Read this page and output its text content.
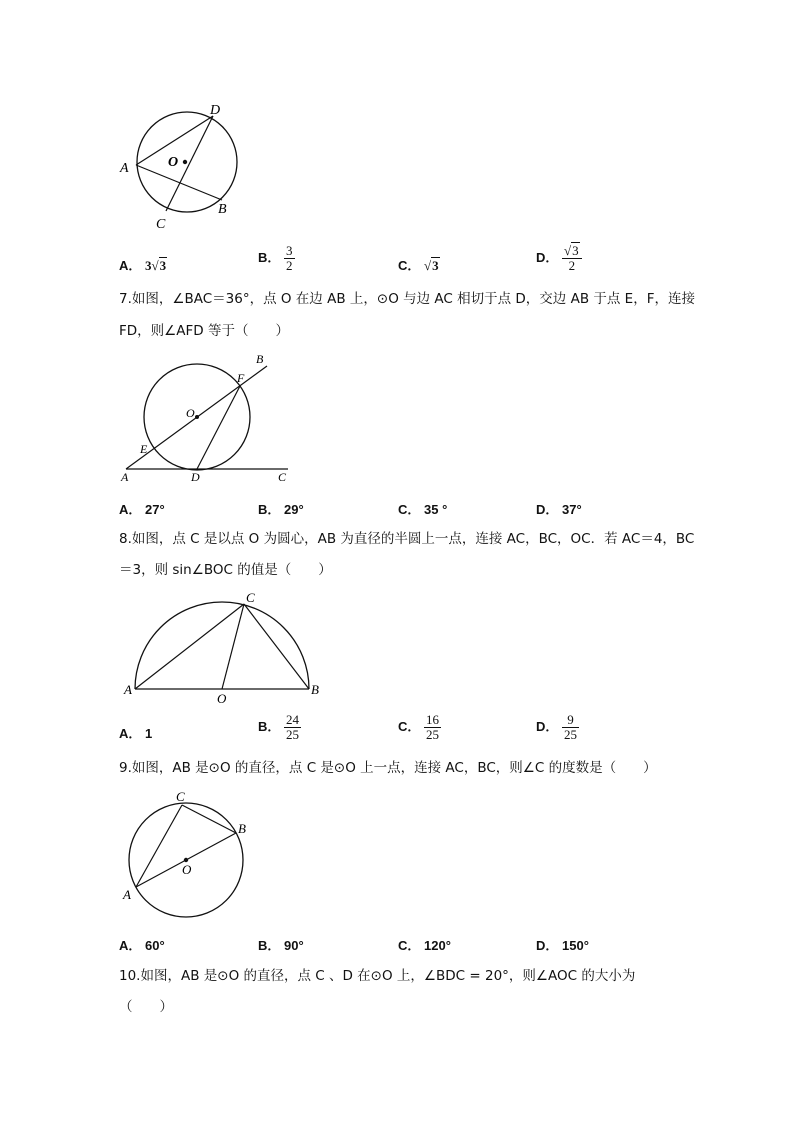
A
D
O
B
C
A． 3√3
B． $\frac{3}{2}$	C． √3
D． $\frac{√3}{2}$
7.如图，∠BAC＝36°，点 O 在边 AB 上，⊙O 与边 AC 相切于点 D，交边 AB 于点 E，F，连接
FD，则∠AFD 等于（　　）
B
F
O
E
A	D	C
A． 27°	B． 29°	C． 35 °	D． 37°
8.如图，点 C 是以点 O 为圆心，AB 为直径的半圆上一点，连接 AC，BC，OC．若 AC＝4，BC
＝3，则 sin∠BOC 的值是（　　）
C
A
O
B
A． 1	B． $\frac{24}{25}$	C． $\frac{16}{25}$	D． $\frac{9}{25}$
9.如图，AB 是⊙O 的直径，点 C 是⊙O 上一点，连接 AC，BC，则∠C 的度数是（　　）
C
B
O
A
A． 60°	B． 90°	C． 120°	D． 150°
10.如图，AB 是⊙O 的直径，点 C 、D 在⊙O 上，∠BDC = 20°，则∠AOC 的大小为
（　　）
